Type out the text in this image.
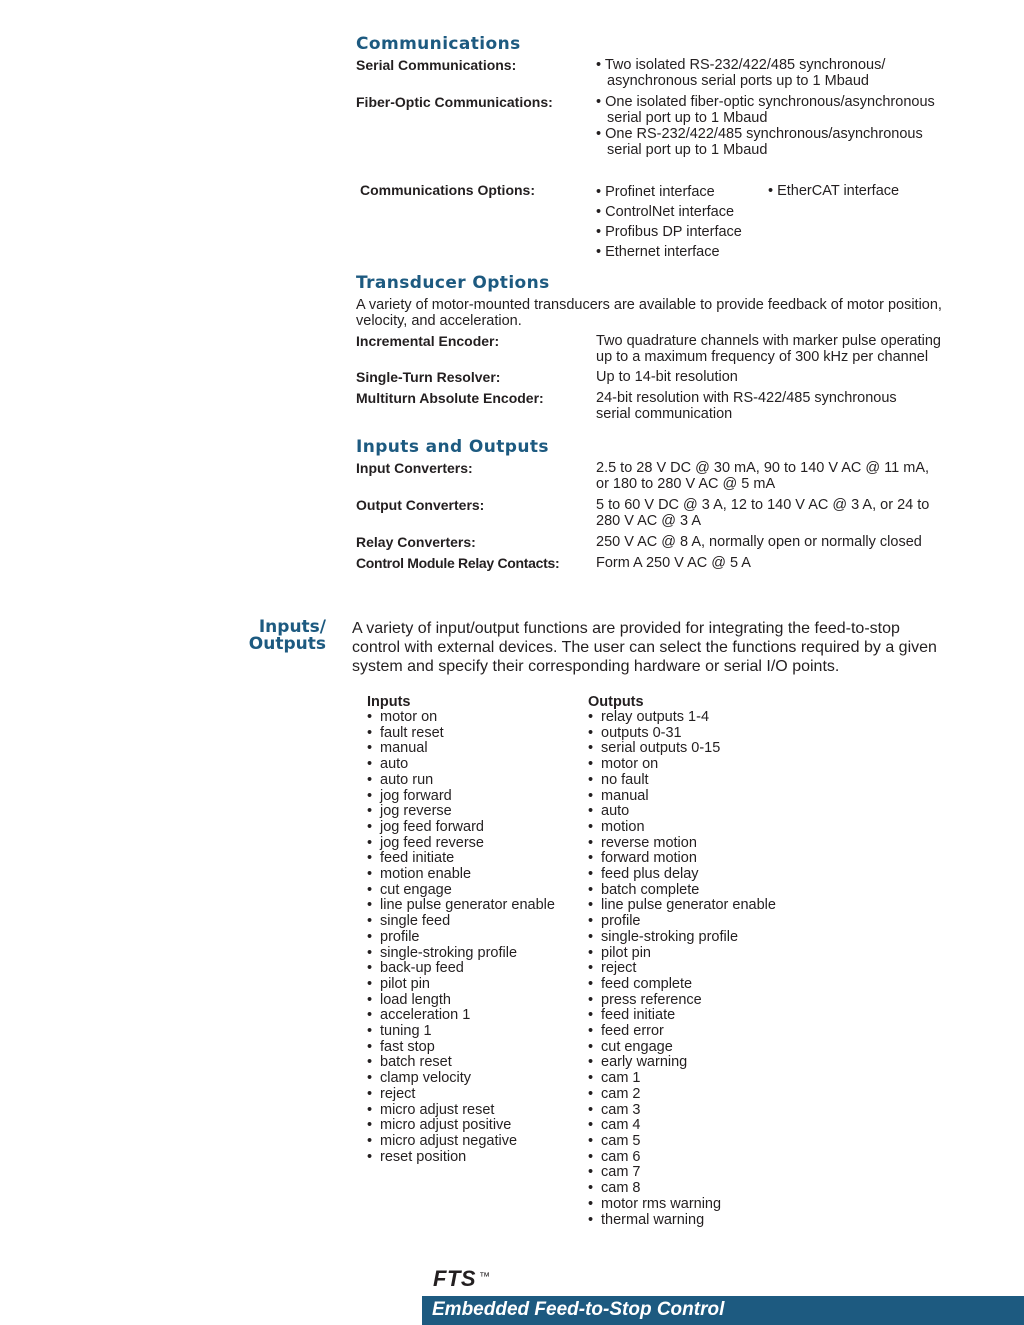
Communications
Serial Communications:	• Two isolated RS-232/422/485 synchronous/
asynchronous serial ports up to 1 Mbaud
Fiber-Optic Communications:	• One isolated fiber-optic synchronous/asynchronous
serial port up to 1 Mbaud
• One RS-232/422/485 synchronous/asynchronous
serial port up to 1 Mbaud
Communications Options:	• Profinet interface
• ControlNet interface
• Profibus DP interface
• Ethernet interface
• EtherCAT interface
Transducer Options
A variety of motor-mounted transducers are available to provide feedback of motor position,
velocity, and acceleration.
Incremental Encoder:	Two quadrature channels with marker pulse operating
up to a maximum frequency of 300 kHz per channel
Single-Turn Resolver:	Up to 14-bit resolution
Multiturn Absolute Encoder:	24-bit resolution with RS-422/485 synchronous
serial communication
Inputs and Outputs
Input Converters:	2.5 to 28 V DC @ 30 mA, 90 to 140 V AC @ 11 mA,
or 180 to 280 V AC @ 5 mA
Output Converters:	5 to 60 V DC @ 3 A, 12 to 140 V AC @ 3 A, or 24 to
280 V AC @ 3 A
Relay Converters:	250 V AC @ 8 A, normally open or normally closed
Control Module Relay Contacts:	Form A 250 V AC @ 5 A
Inputs/
Outputs
A variety of input/output functions are provided for integrating the feed-to-stop
control with external devices. The user can select the functions required by a given
system and specify their corresponding hardware or serial I/O points.
Inputs
• motor on
• fault reset
• manual
• auto
• auto run
• jog forward
• jog reverse
• jog feed forward
• jog feed reverse
• feed initiate
• motion enable
• cut engage
• line pulse generator enable
• single feed
• profile
• single-stroking profile
• back-up feed
• pilot pin
• load length
• acceleration 1
• tuning 1
• fast stop
• batch reset
• clamp velocity
• reject
• micro adjust reset
• micro adjust positive
• micro adjust negative
• reset position
Outputs
• relay outputs 1-4
• outputs 0-31
• serial outputs 0-15
• motor on
• no fault
• manual
• auto
• motion
• reverse motion
• forward motion
• feed plus delay
• batch complete
• line pulse generator enable
• profile
• single-stroking profile
• pilot pin
• reject
• feed complete
• press reference
• feed initiate
• feed error
• cut engage
• early warning
• cam 1
• cam 2
• cam 3
• cam 4
• cam 5
• cam 6
• cam 7
• cam 8
• motor rms warning
• thermal warning
FTS ™
Embedded Feed-to-Stop Control
